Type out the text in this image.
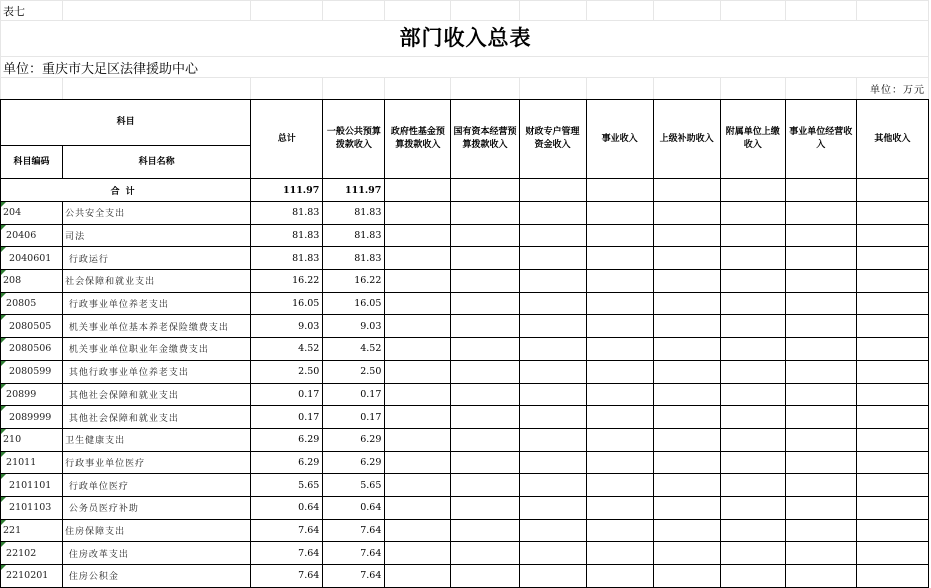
表七
部门收入总表
单位：重庆市大足区法律援助中心
单位：万元
科目		总计	一般公共预算拨款收入	政府性基金预算拨款收入	国有资本经营预算拨款收入	财政专户管理资金收入	事业收入	上级补助收入	附属单位上缴收入	事业单位经营收入	其他收入
科目编码	科目名称										
合计		111.97	111.97								
204	公共安全支出	81.83	81.83								
20406	司法	81.83	81.83								
2040601	行政运行	81.83	81.83								
208	社会保障和就业支出	16.22	16.22								
20805	行政事业单位养老支出	16.05	16.05								
2080505	机关事业单位基本养老保险缴费支出	9.03	9.03								
2080506	机关事业单位职业年金缴费支出	4.52	4.52								
2080599	其他行政事业单位养老支出	2.50	2.50								
20899	其他社会保障和就业支出	0.17	0.17								
2089999	其他社会保障和就业支出	0.17	0.17								
210	卫生健康支出	6.29	6.29								
21011	行政事业单位医疗	6.29	6.29								
2101101	行政单位医疗	5.65	5.65								
2101103	公务员医疗补助	0.64	0.64								
221	住房保障支出	7.64	7.64								
22102	住房改革支出	7.64	7.64								
2210201	住房公积金	7.64	7.64								
